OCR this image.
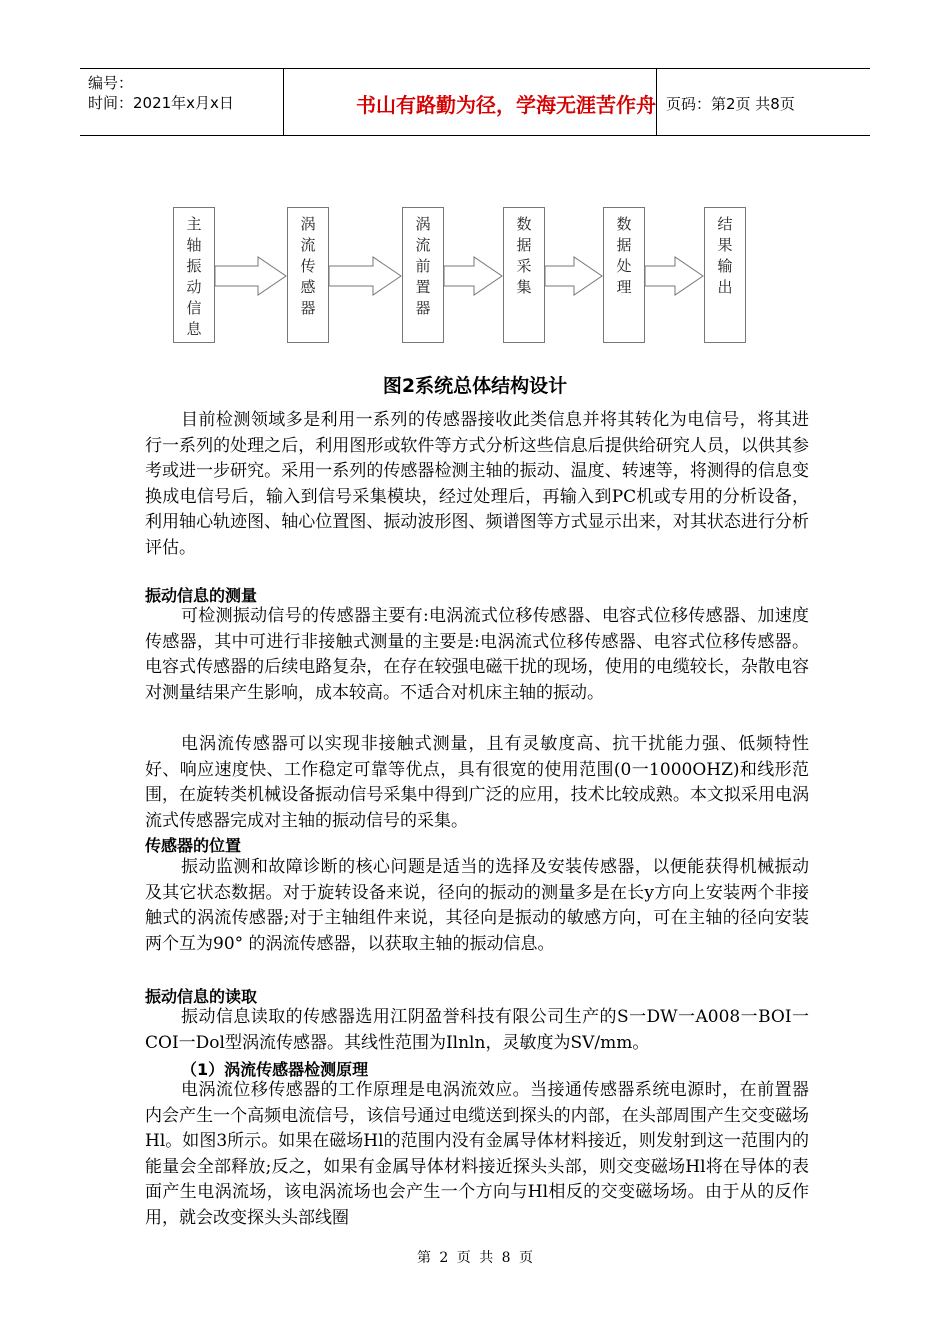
编号：
时间：2021年x月x日	书山有路勤为径，学海无涯苦作舟 页码：第2页 共8页
主轴振动信息
涡流传感器
涡流前置器
数据采集
数据处理
结果输出
图2系统总体结构设计

目前检测领域多是利用一系列的传感器接收此类信息并将其转化为电信号，将其进行一系列的处理之后，利用图形或软件等方式分析这些信息后提供给研究人员，以供其参考或进一步研究。采用一系列的传感器检测主轴的振动、温度、转速等，将测得的信息变换成电信号后，输入到信号采集模块，经过处理后，再输入到PC机或专用的分析设备，利用轴心轨迹图、轴心位置图、振动波形图、频谱图等方式显示出来，对其状态进行分析评估。

振动信息的测量

可检测振动信号的传感器主要有:电涡流式位移传感器、电容式位移传感器、加速度传感器，其中可进行非接触式测量的主要是:电涡流式位移传感器、电容式位移传感器。电容式传感器的后续电路复杂，在存在较强电磁干扰的现场，使用的电缆较长，杂散电容对测量结果产生影响，成本较高。不适合对机床主轴的振动。

电涡流传感器可以实现非接触式测量，且有灵敏度高、抗干扰能力强、低频特性好、响应速度快、工作稳定可靠等优点，具有很宽的使用范围(0一1000OHZ)和线形范围，在旋转类机械设备振动信号采集中得到广泛的应用，技术比较成熟。本文拟采用电涡流式传感器完成对主轴的振动信号的采集。

传感器的位置

振动监测和故障诊断的核心问题是适当的选择及安装传感器，以便能获得机械振动及其它状态数据。对于旋转设备来说，径向的振动的测量多是在长y方向上安装两个非接触式的涡流传感器;对于主轴组件来说，其径向是振动的敏感方向，可在主轴的径向安装两个互为90° 的涡流传感器，以获取主轴的振动信息。

振动信息的读取

振动信息读取的传感器选用江阴盈誉科技有限公司生产的S一DW一A008一BOI一COI一Dol型涡流传感器。其线性范围为Ilnln，灵敏度为SV/mm。

（1）涡流传感器检测原理

电涡流位移传感器的工作原理是电涡流效应。当接通传感器系统电源时，在前置器内会产生一个高频电流信号，该信号通过电缆送到探头的内部，在头部周围产生交变磁场Hl。如图3所示。如果在磁场Hl的范围内没有金属导体材料接近，则发射到这一范围内的能量会全部释放;反之，如果有金属导体材料接近探头头部，则交变磁场Hl将在导体的表面产生电涡流场，该电涡流场也会产生一个方向与Hl相反的交变磁场场。由于从的反作用，就会改变探头头部线圈

第 2 页 共 8 页
